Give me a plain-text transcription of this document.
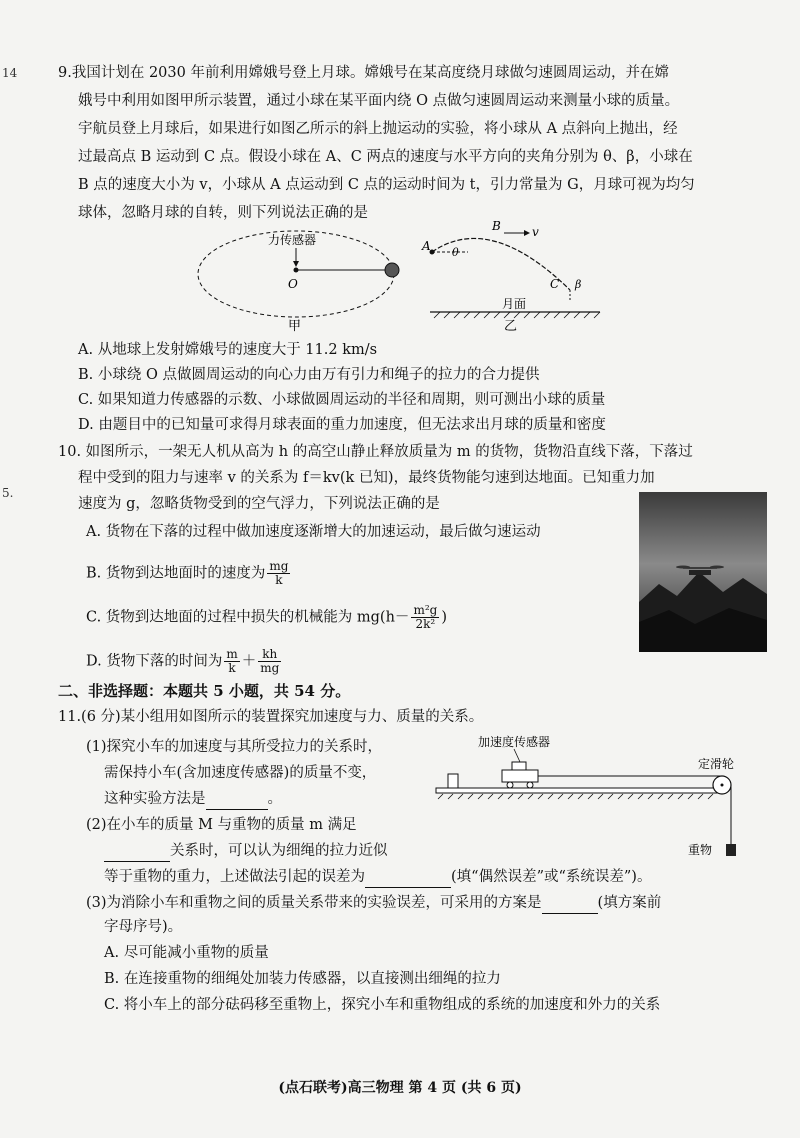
14
5.
9.我国计划在 2030 年前利用嫦娥号登上月球。嫦娥号在某高度绕月球做匀速圆周运动，并在嫦
娥号中利用如图甲所示装置，通过小球在某平面内绕 O 点做匀速圆周运动来测量小球的质量。
宇航员登上月球后，如果进行如图乙所示的斜上抛运动的实验，将小球从 A 点斜向上抛出，经
过最高点 B 运动到 C 点。假设小球在 A、C 两点的速度与水平方向的夹角分别为 θ、β，小球在
B 点的速度大小为 v，小球从 A 点运动到 C 点的运动时间为 t，引力常量为 G，月球可视为均匀
球体，忽略月球的自转，则下列说法正确的是
力传感器
O
甲
A θ
B	v
C β
月面
乙
A. 从地球上发射嫦娥号的速度大于 11.2 km/s
B. 小球绕 O 点做圆周运动的向心力由万有引力和绳子的拉力的合力提供
C. 如果知道力传感器的示数、小球做圆周运动的半径和周期，则可测出小球的质量
D. 由题目中的已知量可求得月球表面的重力加速度，但无法求出月球的质量和密度
10. 如图所示，一架无人机从高为 h 的高空山静止释放质量为 m 的货物，货物沿直线下落，下落过
程中受到的阻力与速率 v 的关系为 f＝kv(k 已知)，最终货物能匀速到达地面。已知重力加
速度为 g，忽略货物受到的空气浮力，下列说法正确的是
A. 货物在下落的过程中做加速度逐渐增大的加速运动，最后做匀速运动
B. 货物到达地面时的速度为 $\frac{mg}{k}$
C. 货物到达地面的过程中损失的机械能为 $mg(h- \frac{\text{m²g}}{\text{2k²}}$ )
D. 货物下落的时间为 $\frac{m}{k} + \frac{kh}{mg}$
二、非选择题：本题共 5 小题，共 54 分。
11.(6 分)某小组用如图所示的装置探究加速度与力、质量的关系。
(1)探究小车的加速度与其所受拉力的关系时，
需保持小车(含加速度传感器)的质量不变，
这种实验方法是	。
(2)在小车的质量 M 与重物的质量 m 满足
关系时，可以认为细绳的拉力近似
等于重物的重力，上述做法引起的误差为	(填“偶然误差”或“系统误差”)。
(3)为消除小车和重物之间的质量关系带来的实验误差，可采用的方案是	(填方案前
字母序号)。
A. 尽可能减小重物的质量
B. 在连接重物的细绳处加装力传感器，以直接测出细绳的拉力
C. 将小车上的部分砝码移至重物上，探究小车和重物组成的系统的加速度和外力的关系
加速度传感器
定滑轮
重物
(点石联考)高三物理 第 4 页 (共 6 页)
